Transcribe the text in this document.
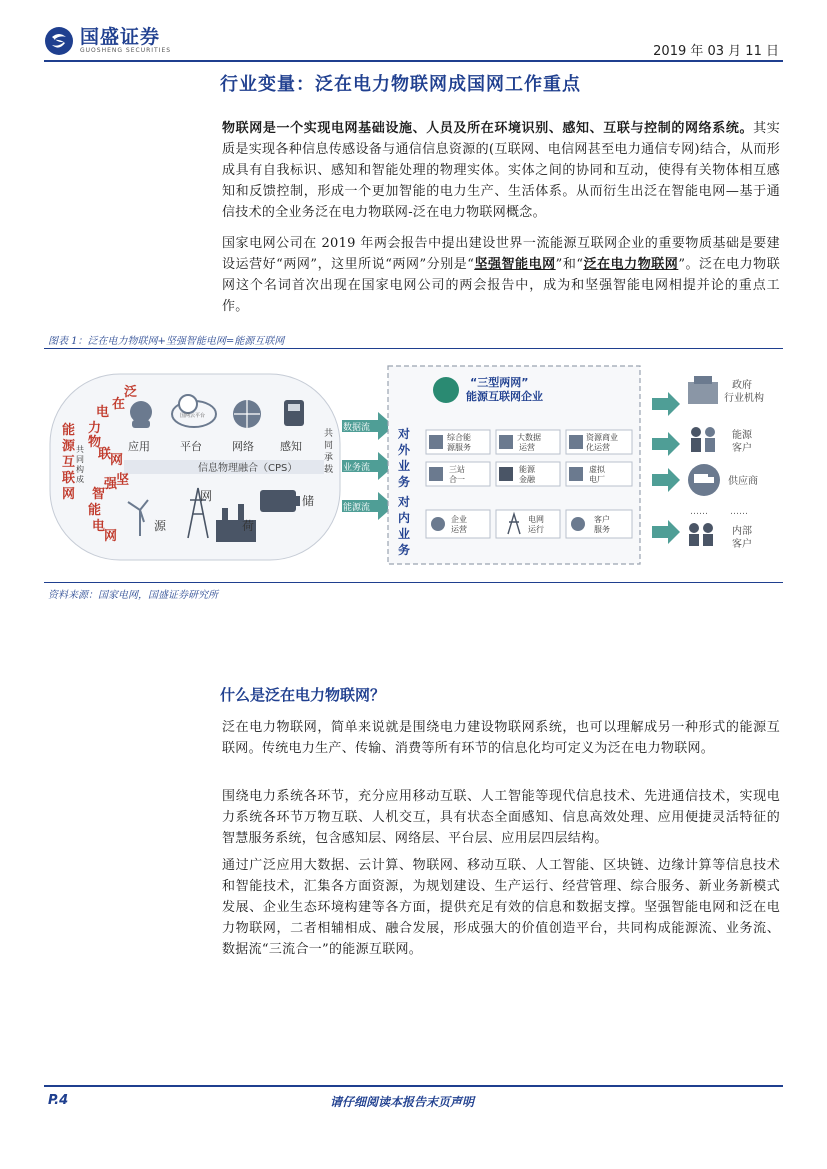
国盛证券
GUOSHENG SECURITIES	2019 年 03 月 11 日
行业变量：泛在电力物联网成国网工作重点
物联网是一个实现电网基础设施、人员及所在环境识别、感知、互联与控制的网络系统。其实质是实现各种信息传感设备与通信信息资源的(互联网、电信网甚至电力通信专网)结合，从而形成具有自我标识、感知和智能处理的物理实体。实体之间的协同和互动，使得有关物体相互感知和反馈控制，形成一个更加智能的电力生产、生活体系。从而衍生出泛在智能电网—基于通信技术的全业务泛在电力物联网-泛在电力物联网概念。
国家电网公司在 2019 年两会报告中提出建设世界一流能源互联网企业的重要物质基础是要建设运营好“两网”，这里所说“两网”分别是“坚强智能电网”和“泛在电力物联网”。泛在电力物联网这个名词首次出现在国家电网公司的两会报告中，成为和坚强智能电网相提并论的重点工作。
图表 1：泛在电力物联网+坚强智能电网=能源互联网
信息物理融合（CPS）
能源互联网
泛在电力物联网
坚强智能电网
共同构成
应用
国网云平台
平台	网络 感知
源
网
荷
储
数据流
业务流
能源流
共同承载
“三型两网”
能源互联网企业
对外业务
对内业务
综合能源服务
大数据运营
资源商业化运营
三站合一
能源金融
虚拟电厂
企业运营
电网运行
客户服务
政府行业机构
能源客户
供应商
…… ……
内部客户
资料来源：国家电网，国盛证券研究所
什么是泛在电力物联网？
泛在电力物联网，简单来说就是围绕电力建设物联网系统，也可以理解成另一种形式的能源互联网。传统电力生产、传输、消费等所有环节的信息化均可定义为泛在电力物联网。
围绕电力系统各环节，充分应用移动互联、人工智能等现代信息技术、先进通信技术，实现电力系统各环节万物互联、人机交互，具有状态全面感知、信息高效处理、应用便捷灵活特征的智慧服务系统，包含感知层、网络层、平台层、应用层四层结构。
通过广泛应用大数据、云计算、物联网、移动互联、人工智能、区块链、边缘计算等信息技术和智能技术，汇集各方面资源，为规划建设、生产运行、经营管理、综合服务、新业务新模式发展、企业生态环境构建等各方面，提供充足有效的信息和数据支撑。坚强智能电网和泛在电力物联网，二者相辅相成、融合发展，形成强大的价值创造平台，共同构成能源流、业务流、数据流“三流合一”的能源互联网。
P.4	请仔细阅读本报告末页声明
